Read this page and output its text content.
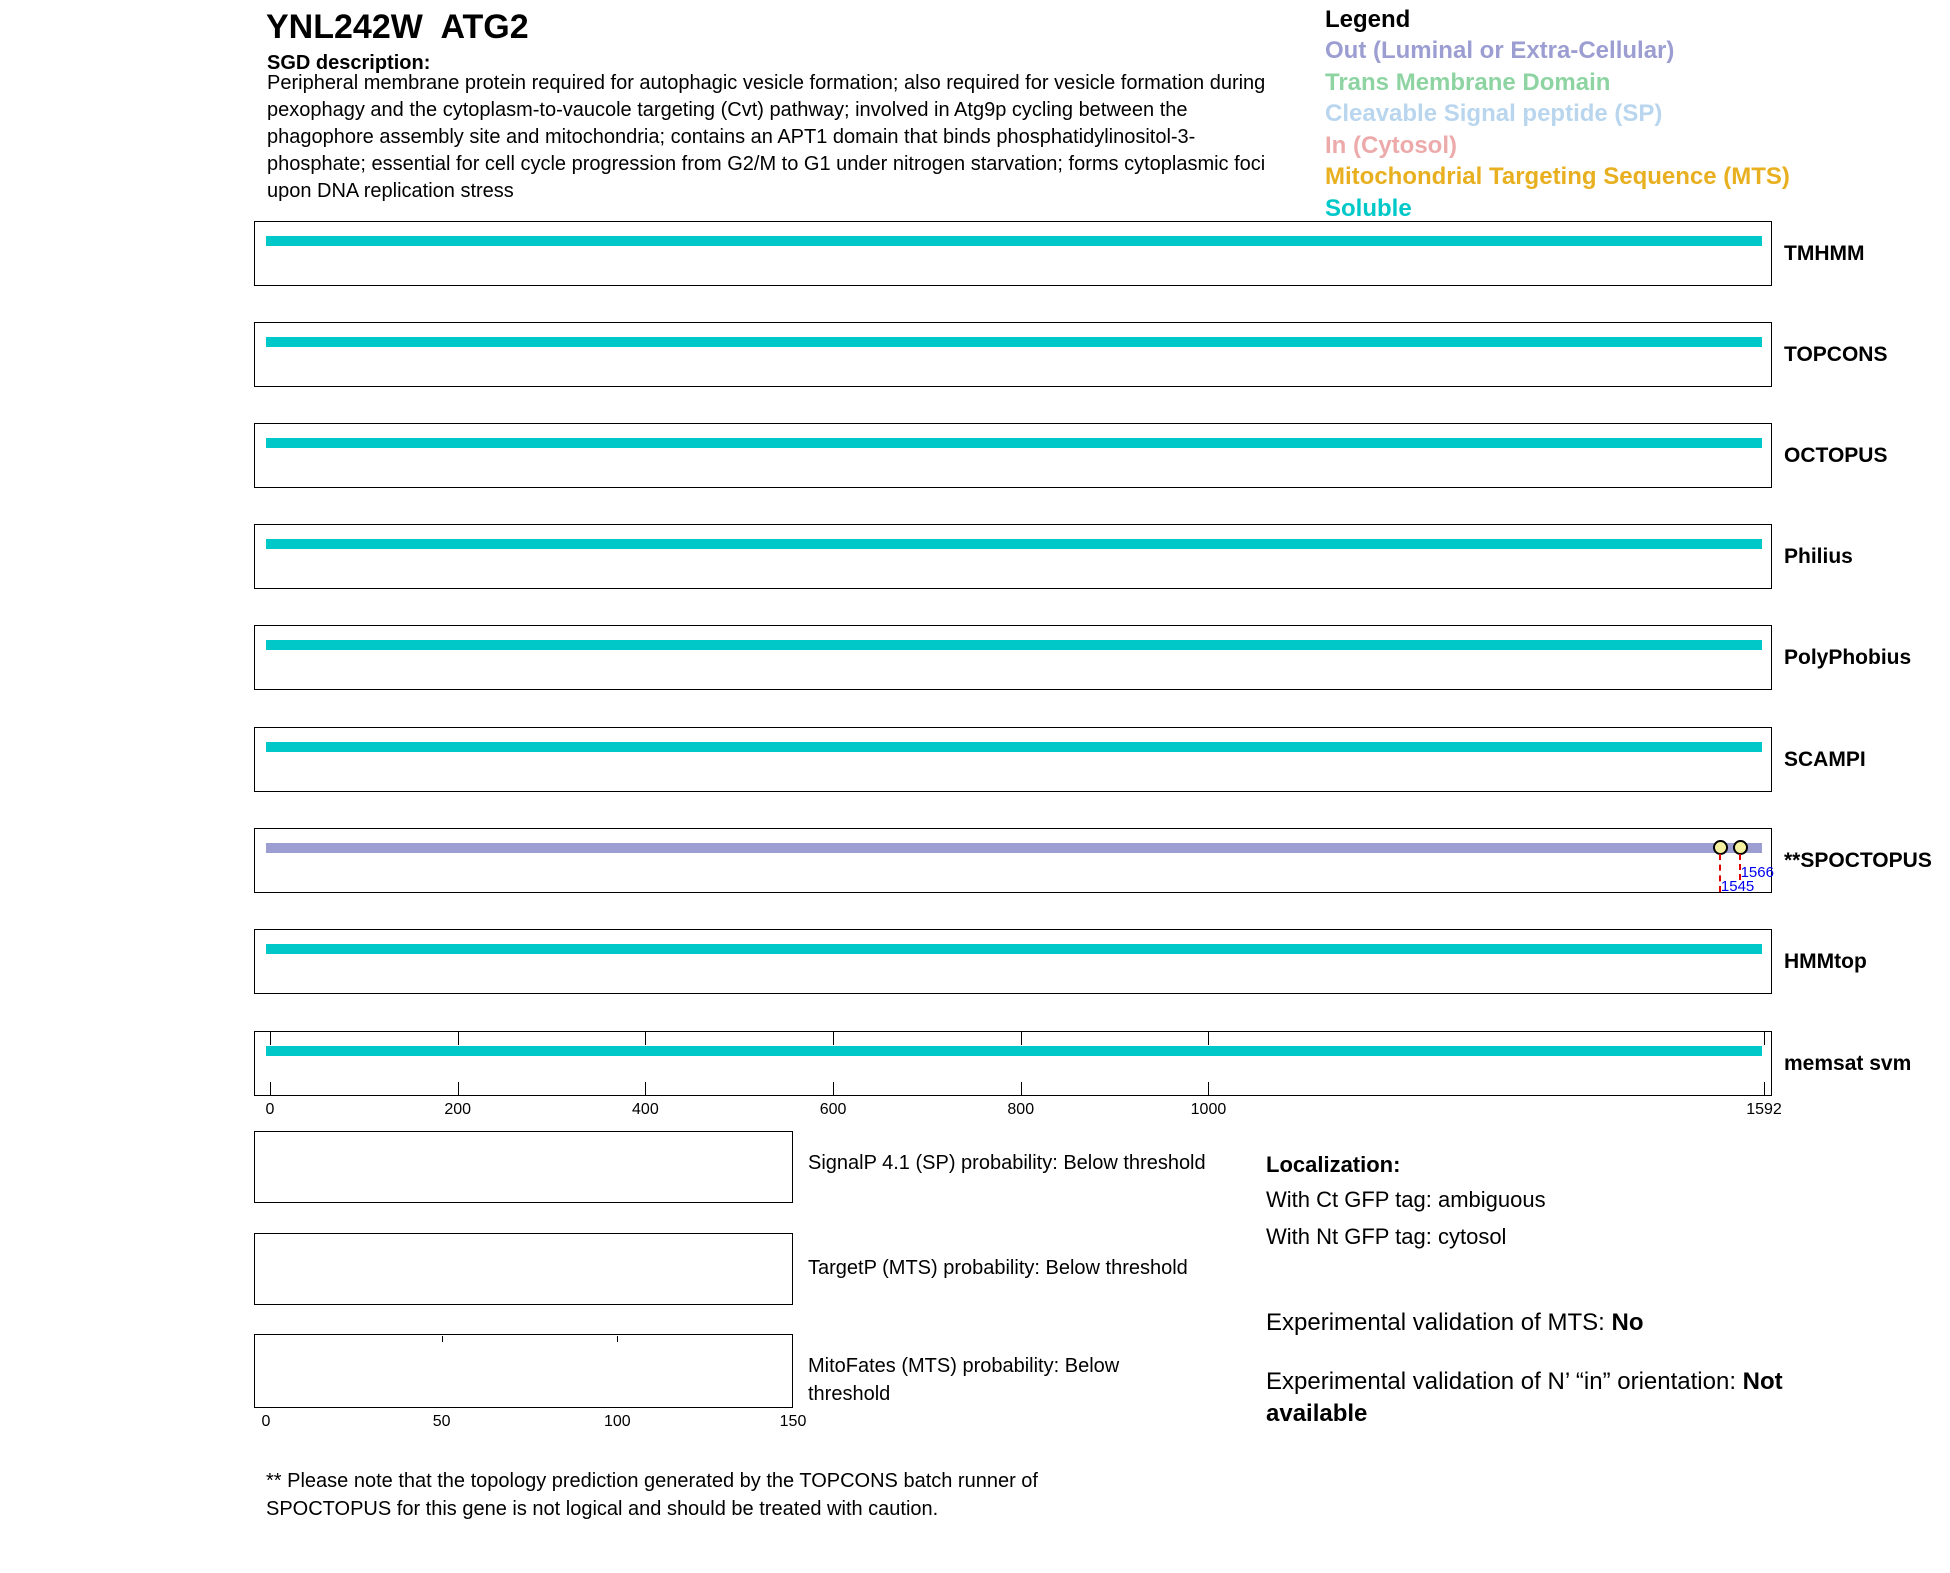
YNL242W  ATG2
SGD description:
Peripheral membrane protein required for autophagic vesicle formation; also required for vesicle formation during pexophagy and the cytoplasm-to-vaucole targeting (Cvt) pathway; involved in Atg9p cycling between the phagophore assembly site and mitochondria; contains an APT1 domain that binds phosphatidylinositol-3-phosphate; essential for cell cycle progression from G2/M to G1 under nitrogen starvation; forms cytoplasmic foci upon DNA replication stress
Legend
Out (Luminal or Extra-Cellular)
Trans Membrane Domain
Cleavable Signal peptide (SP)
In (Cytosol)
Mitochondrial Targeting Sequence (MTS)
Soluble
TMHMM
TOPCONS
OCTOPUS
Philius
PolyPhobius
SCAMPI
**SPOCTOPUS
1545
1566
HMMtop
memsat svm
0	200	400	600	800	1000	1592
SignalP 4.1 (SP) probability: Below threshold
TargetP (MTS) probability: Below threshold
MitoFates (MTS) probability: Below threshold
0	50	100	150
Localization:
With Ct GFP tag: ambiguous
With Nt GFP tag: cytosol
Experimental validation of MTS: No
Experimental validation of N’ “in” orientation: Not available
** Please note that the topology prediction generated by the TOPCONS batch runner of SPOCTOPUS for this gene is not logical and should be treated with caution.
